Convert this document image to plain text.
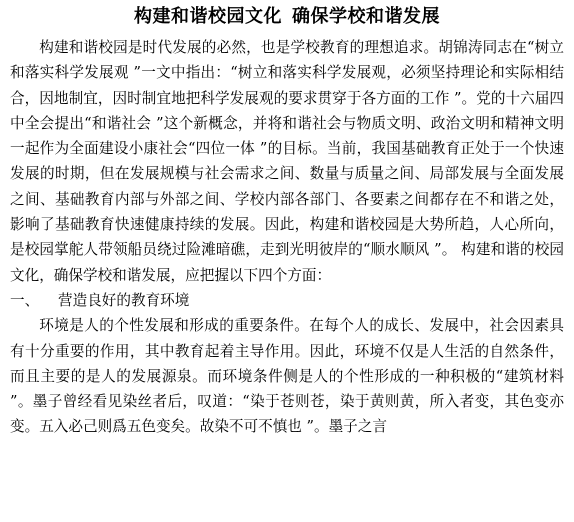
构建和谐校园文化 确保学校和谐发展

构建和谐校园是时代发展的必然，也是学校教育的理想追求。胡锦涛同志在“树立和落实科学发展观 ”一文中指出：“树立和落实科学发展观，必须坚持理论和实际相结合，因地制宜，因时制宜地把科学发展观的要求贯穿于各方面的工作 ”。党的十六届四中全会提出“和谐社会 ”这个新概念，并将和谐社会与物质文明、政治文明和精神文明一起作为全面建设小康社会“四位一体 ”的目标。当前，我国基础教育正处于一个快速发展的时期，但在发展规模与社会需求之间、数量与质量之间、局部发展与全面发展之间、基础教育内部与外部之间、学校内部各部门、各要素之间都存在不和谐之处，影响了基础教育快速健康持续的发展。因此，构建和谐校园是大势所趋，人心所向，是校园掌舵人带领船员绕过险滩暗礁，走到光明彼岸的“顺水顺风 ”。 构建和谐的校园文化，确保学校和谐发展，应把握以下四个方面：

一、 营造良好的教育环境

环境是人的个性发展和形成的重要条件。在每个人的成长、发展中，社会因素具有十分重要的作用，其中教育起着主导作用。因此，环境不仅是人生活的自然条件，而且主要的是人的发展源泉。而环境条件侧是人的个性形成的一种积极的“建筑材料 ”。墨子曾经看见染丝者后，叹道：“染于苍则苍，染于黄则黄，所入者变，其色变亦变。五入必己则爲五色变矣。故染不可不慎也 ”。墨子之言
